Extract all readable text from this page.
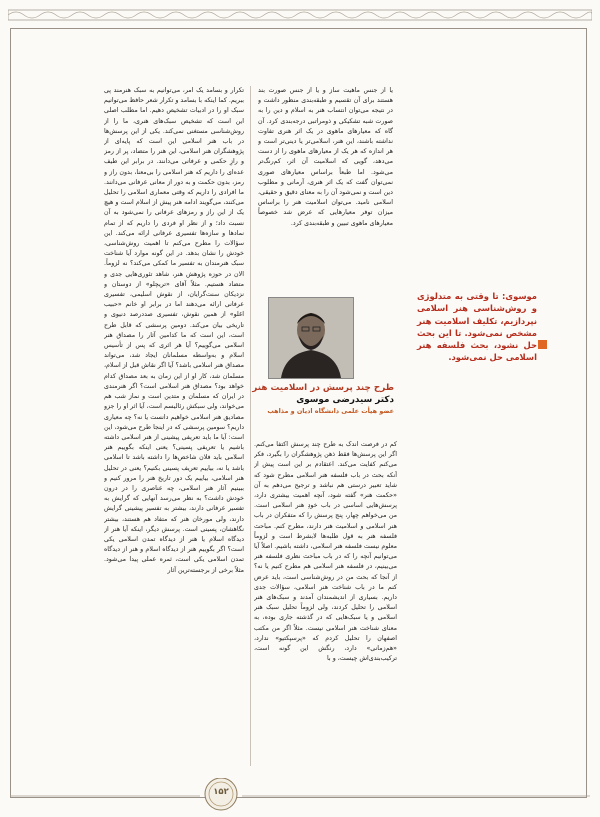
تکرار و بسامد یک امر، می‌توانیم به سبک هنرمند پی ببریم. کما اینکه با بسامد و تکرار شعر حافظ می‌توانیم سبک او را در ادبیات تشخیص دهیم. اما مطلب اصلی این است که تشخیص سبک‌های هنری، ما را از روش‌شناسی مستغنی نمی‌کند. یکی از این پرسش‌ها در باب هنر اسلامی این است که پایه‌ای از پژوهشگران هنر اسلامی، این هنر را متضاد، پر از رمز و رازِ حکمی و عرفانی می‌دانند. در برابر این طیف عده‌ای را داریم که هنر اسلامی را بی‌معنا، بدون راز و رمز، بدون حکمت و به دور از معانی عرفانی می‌دانند. ما افرادی را داریم که وقتی معماری اسلامی را تحلیل می‌کنند، می‌گویند ادامه هنر پیش از اسلام است و هیچ یک از این راز و رمزهای عرفانی را نمی‌شود به آن نسبت داد؛ و از نظر او فردی را داریم که از تمام نمادها و سازه‌ها تفسیری عرفانی ارائه می‌کند. این سؤالات را مطرح می‌کنم تا اهمیت روش‌شناسی، خودش را نشان بدهد. در این گونه موارد آیا شناخت سبک هنرمندان به تفسیر ما کمکی می‌کند؟ نه لزوماً. الان در حوزه پژوهش هنر، شاهد تئوری‌هایی جدی و متضاد هستیم. مثلاً آقای «تریچلو» از دوستان و نزدیکان سنت‌گرایان، از نقوش اسلیمی، تفسیری عرفانی ارائه می‌دهند اما در برابر او خانم «حبیب اغلو» از همین نقوش، تفسیری صددرصد دنیوی و تاریخی بیان می‌کند. دومین پرسشی که قابل طرح است، این است که ما کدامین آثار را مصداق هنر اسلامی می‌گوییم؟ آیا هر اثری که پس از تأسیس اسلام و به‌واسطه مسلمانان ایجاد شد، می‌تواند مصداق هنر اسلامی باشد؟ آیا اگر نقاش قبل از اسلام، مسلمان شد، کار او از این زمان به بعد مصداق کدام خواهد بود؟ مصداق هنر اسلامی است؟ اگر هنرمندی در ایران که مسلمان و متدین است و نماز شب هم می‌خواند، ولی سبکش رئالیسم است، آیا اثر او را جزو مصادیق هنر اسلامی خواهیم دانست یا نه؟ چه معیاری داریم؟ سومین پرسشی که در اینجا طرح می‌شود، این است: آیا ما باید تعریفی پیشینی از هنر اسلامی داشته باشیم یا تعریفی پسینی؟ یعنی اینکه بگوییم هنر اسلامی باید فلان شاخص‌ها را داشته باشد تا اسلامی باشد یا نه، بیاییم تعریف پسینی بکنیم؟ یعنی در تحلیل هنر اسلامی، بیاییم یک دور تاریخ هنر را مرور کنیم و ببینیم آثار هنر اسلامی، چه عناصری را در درون خودش داشت؟ به نظر می‌رسد آنهایی که گرایش به تفسیر عرفانی دارند، بیشتر به تفسیر پیشینی گرایش دارند، ولی مورخان هنر که متفاد هم هستند، بیشتر نگاهشان، پسینی است. پرسش دیگر، اینکه آیا هنر از دیدگاه اسلام یا هنر از دیدگاه تمدن اسلامی یکی است؟ اگر بگوییم هنر از دیدگاه اسلام و هنر از دیدگاه تمدن اسلامی یکی است، ثمره عملی پیدا می‌شود. مثلاً برخی از برجسته‌ترین آثار

یا از جنس ماهیت ساز و یا از جنس صورت بند هستند برای آن تقسیم و طبقه‌بندی منظور داشت و در نتیجه می‌توان انتساب هنر به اسلام و دین را به صورت شبه تشکیکی و ذومراتبی درجه‌بندی کرد. آن گاه که معیارهای ماهوی در یک اثر هنری تفاوت نداشته باشند، این هنر، اسلامی‌تر یا دینی‌تر است و هر اندازه که هر یک از معیارهای ماهوی را از دست می‌دهد، گویی که اسلامیت آن اثر، کم‌رنگ‌تر می‌شود. اما طبعاً براساس معیارهای صوری نمی‌توان گفت که یک اثر هنری، آرمانی و مطلوب دین است و نمی‌شود آن را به معنای دقیق و حقیقی، اسلامی نامید. می‌توان اسلامیت هنر را براساس میزان توفر معیارهایی که عرض شد خصوصاً معیارهای ماهوی تبیین و طبقه‌بندی کرد.

طرح چند پرسش در اسلامیت هنر
دکتر سیدرضی موسوی
عضو هیأت علمی دانشگاه ادیان و مذاهب

کم در فرصت اندک به طرح چند پرسش اکتفا می‌کنم. اگر این پرسش‌ها فقط ذهن پژوهشگران را بگیرد، فکر می‌کنم کفایت می‌کند. اعتقادم بر این است پیش از آنکه بحث در باب فلسفه هنر اسلامی مطرح شود که شاید تعبیر درستی هم نباشد و ترجیح می‌دهم به آن «حکمت هنر» گفته شود، آنچه اهمیت بیشتری دارد، پرسش‌هایی اساسی در باب خودِ هنر اسلامی است. من می‌خواهم چهار، پنج پرسش را که متفکران در باب هنر اسلامی و اسلامیت هنر دارند، مطرح کنم. مباحث فلسفه هنر به قول طلبه‌ها لابشرط است و لزوماً معلوم نیست فلسفه هنر اسلامی، داشته باشیم. اصلاً آیا می‌توانیم آنچه را که در باب مباحث نظری فلسفه هنر می‌بینیم، در فلسفه هنر اسلامی هم مطرح کنیم یا نه؟ از آنجا که بحث من در روش‌شناسی است، باید عرض کنم ما در باب شناخت هنر اسلامی، سؤالات جدی داریم. بسیاری از اندیشمندان آمدند و سبک‌های هنر اسلامی را تحلیل کردند، ولی لزوماً تحلیل سبک هنر اسلامی و یا سبک‌هایی که در گذشته جاری بوده، به معنای شناخت هنر اسلامی نیست. مثلاً اگر من مکتب اصفهان را تحلیل کردم که «پرسپکتیو» ندارد، «هم‌زمانی» دارد، رنگش این گونه است، ترکیب‌بندی‌اش چیست، و با

موسوی: تا وقتی به متدلوژی و روش‌شناسی هنر اسلامی نپردازیم، تکلیف اسلامیت هنر مشخص نمی‌شود. تا این بحث حل نشود، بحث فلسفه هنر اسلامی حل نمی‌شود.
۱۵۲
